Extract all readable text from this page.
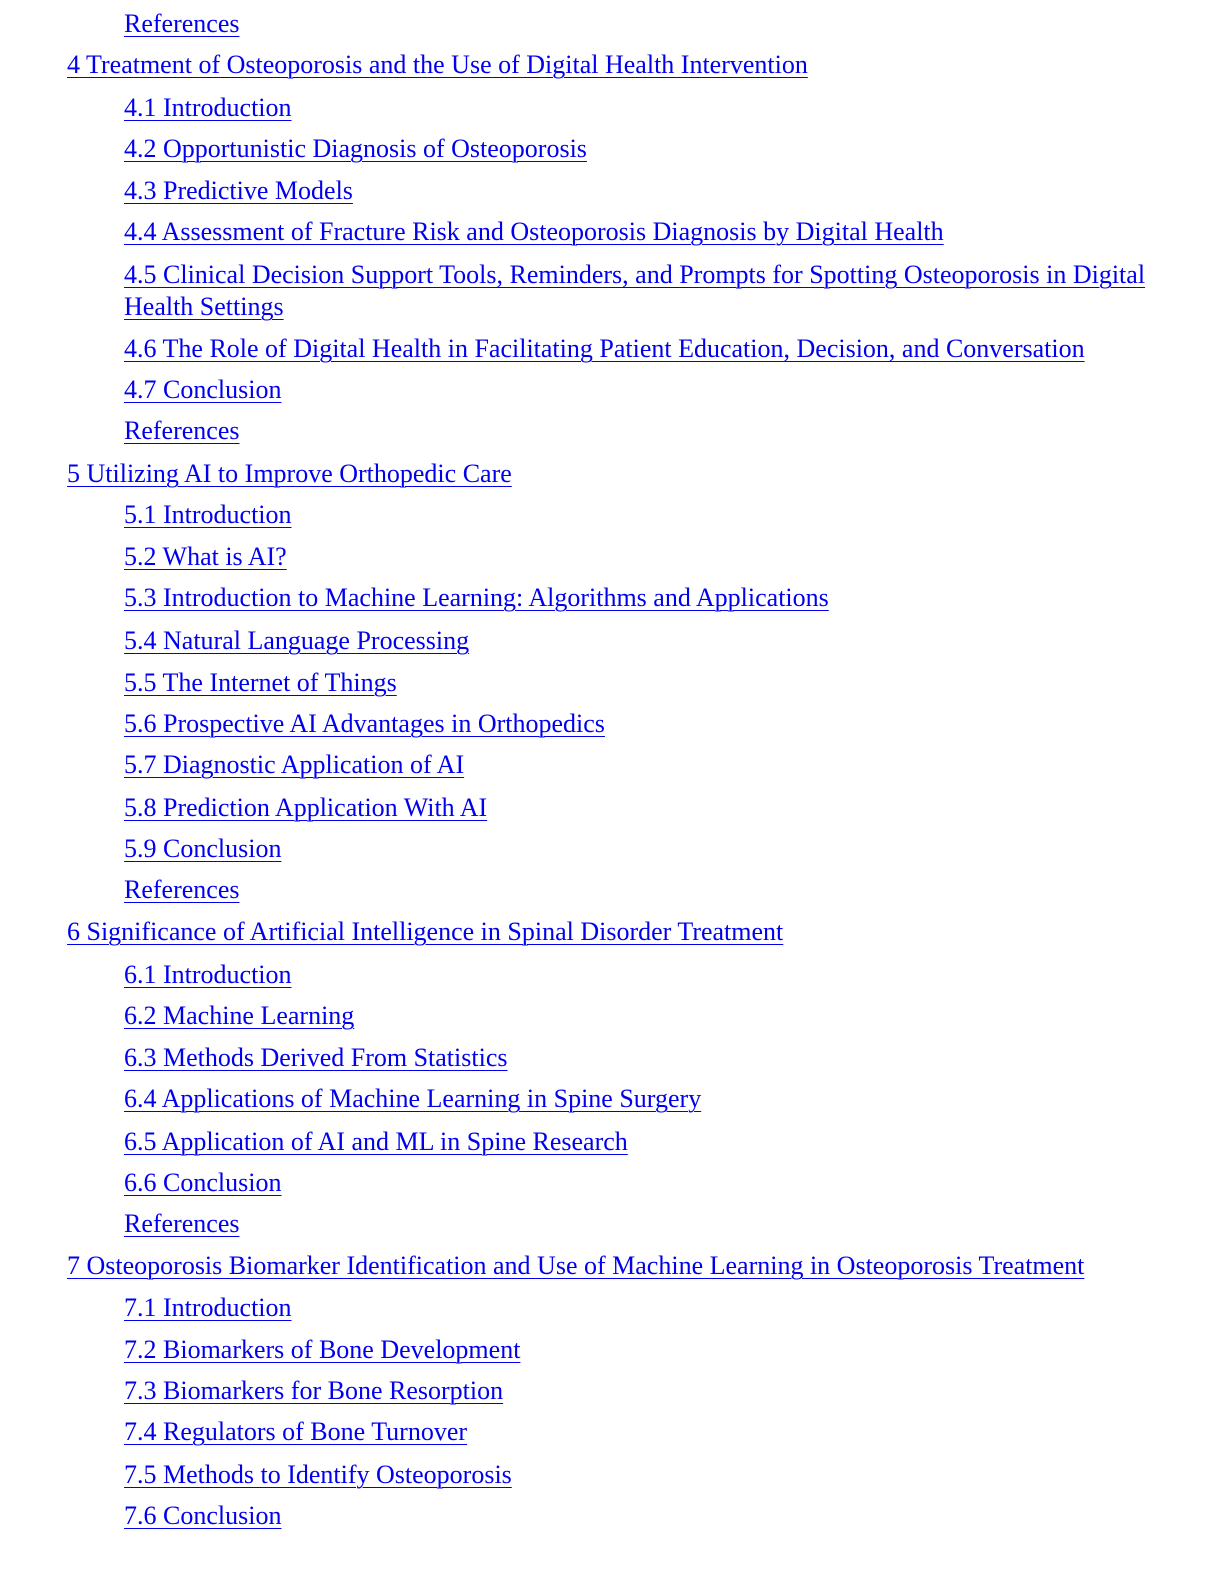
References
4 Treatment of Osteoporosis and the Use of Digital Health Intervention
4.1 Introduction
4.2 Opportunistic Diagnosis of Osteoporosis
4.3 Predictive Models
4.4 Assessment of Fracture Risk and Osteoporosis Diagnosis by Digital Health
4.5 Clinical Decision Support Tools, Reminders, and Prompts for Spotting Osteoporosis in Digital Health Settings
4.6 The Role of Digital Health in Facilitating Patient Education, Decision, and Conversation
4.7 Conclusion
References
5 Utilizing AI to Improve Orthopedic Care
5.1 Introduction
5.2 What is AI?
5.3 Introduction to Machine Learning: Algorithms and Applications
5.4 Natural Language Processing
5.5 The Internet of Things
5.6 Prospective AI Advantages in Orthopedics
5.7 Diagnostic Application of AI
5.8 Prediction Application With AI
5.9 Conclusion
References
6 Significance of Artificial Intelligence in Spinal Disorder Treatment
6.1 Introduction
6.2 Machine Learning
6.3 Methods Derived From Statistics
6.4 Applications of Machine Learning in Spine Surgery
6.5 Application of AI and ML in Spine Research
6.6 Conclusion
References
7 Osteoporosis Biomarker Identification and Use of Machine Learning in Osteoporosis Treatment
7.1 Introduction
7.2 Biomarkers of Bone Development
7.3 Biomarkers for Bone Resorption
7.4 Regulators of Bone Turnover
7.5 Methods to Identify Osteoporosis
7.6 Conclusion
